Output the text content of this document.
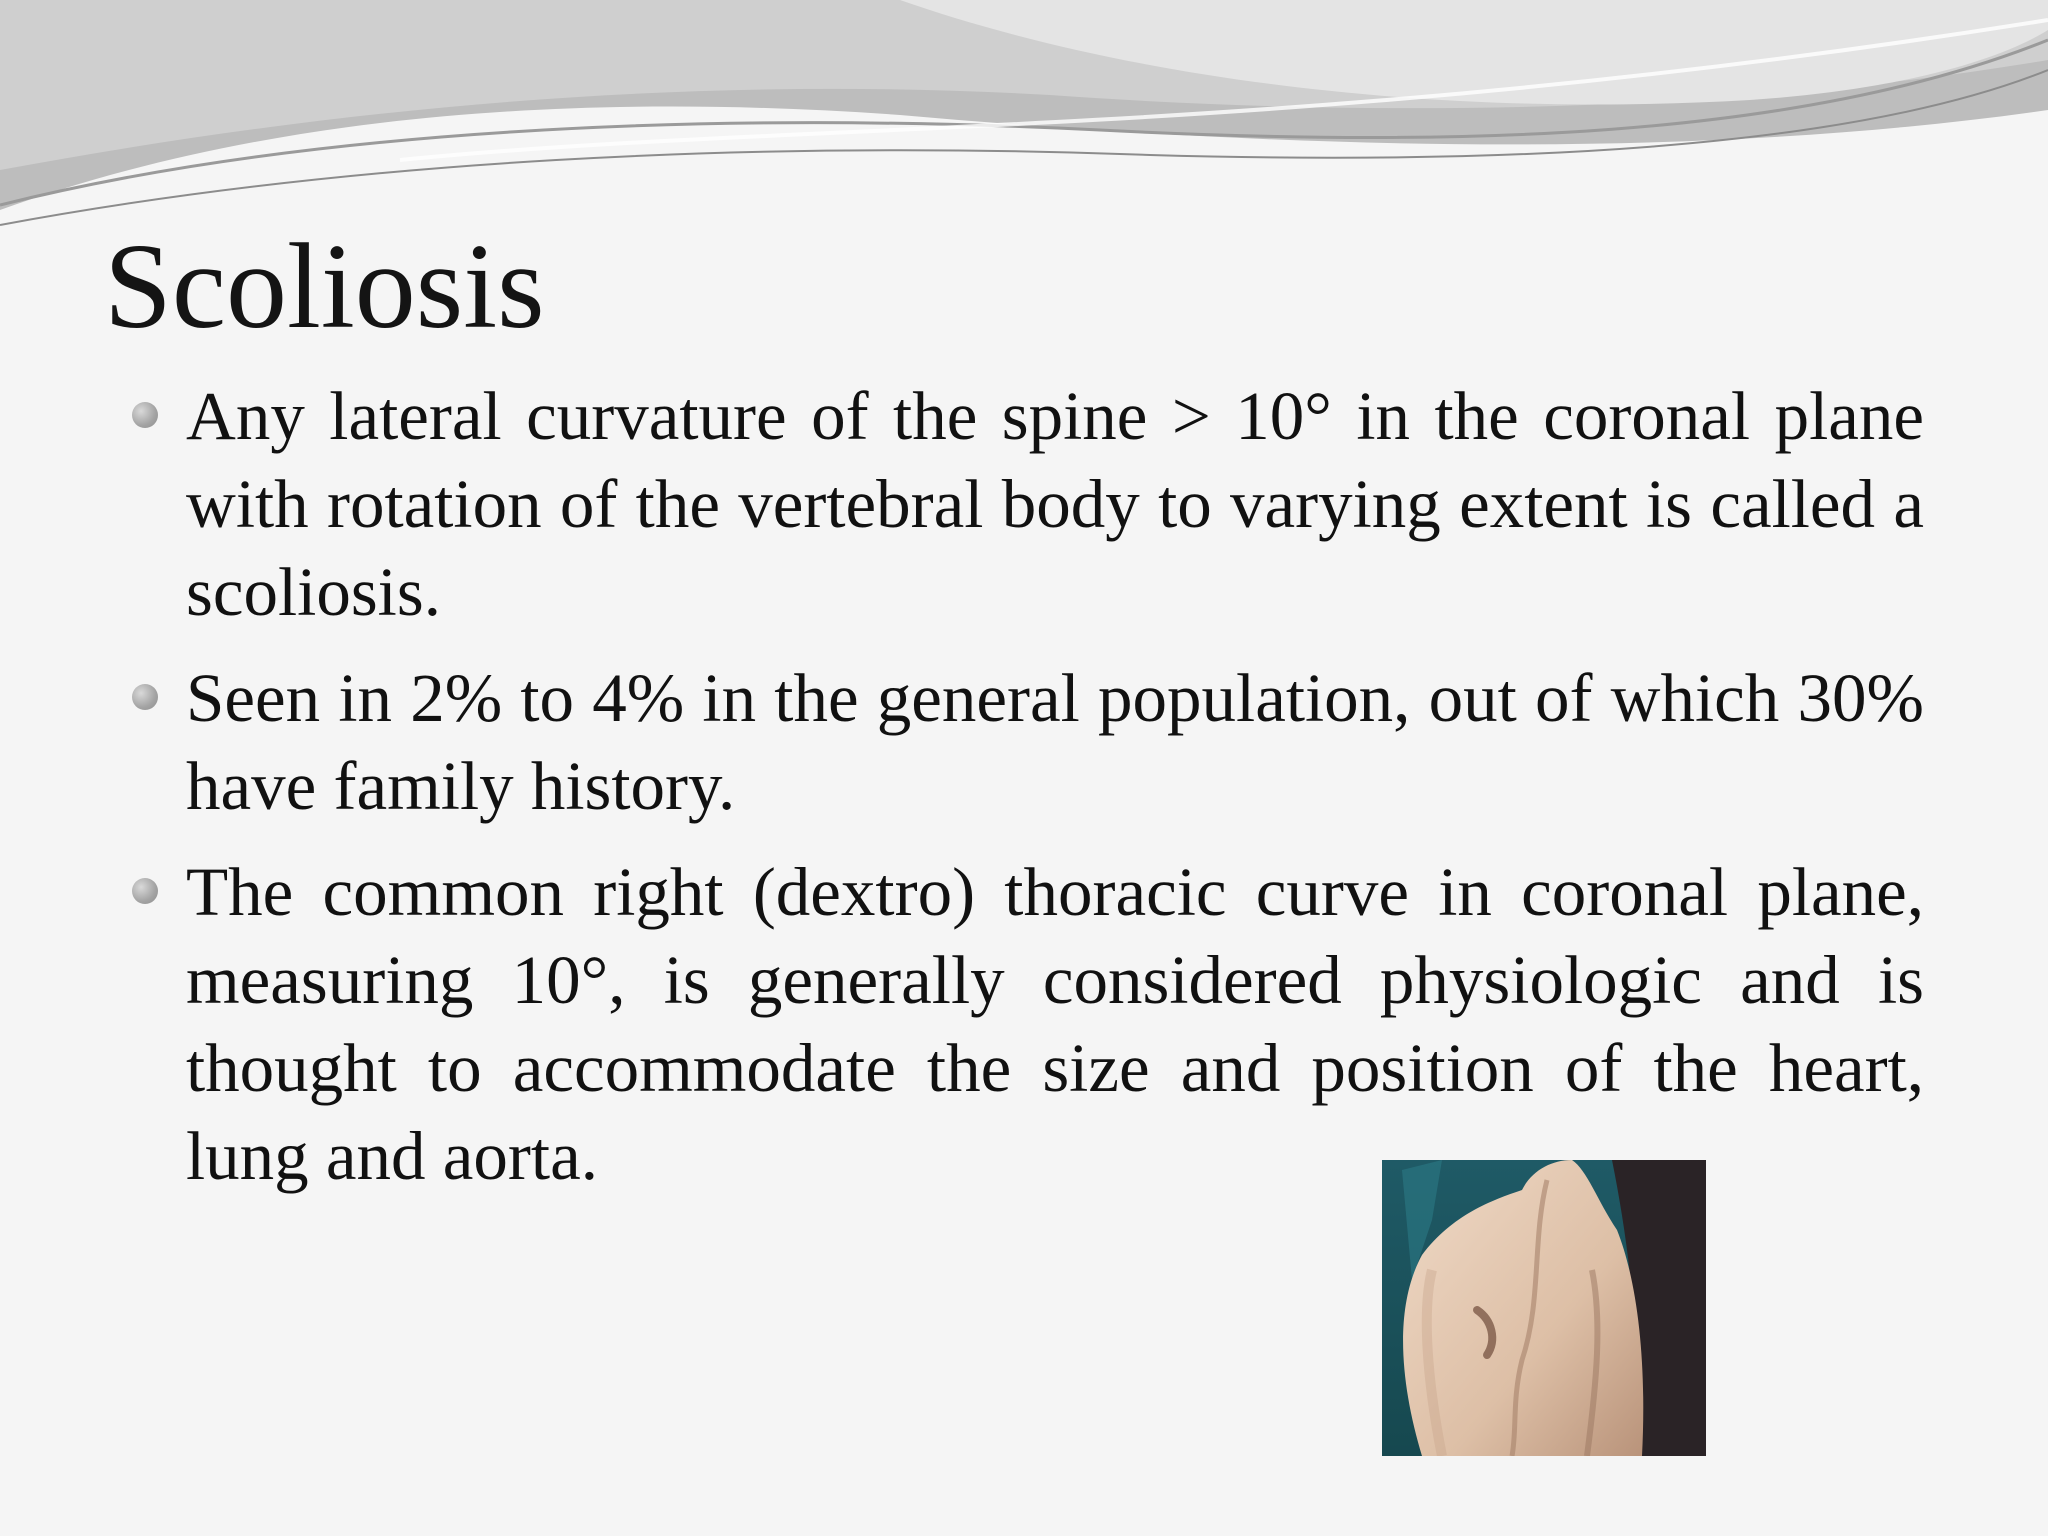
Scoliosis
Any lateral curvature of the spine > 10° in the coronal plane with rotation of the vertebral body to varying extent is called a scoliosis.
Seen in 2% to 4% in the general population, out of which 30% have family history.
The common right (dextro) thoracic curve in coronal plane, measuring 10°, is generally considered physiologic and is thought to accommodate the size and position of the heart, lung and aorta.
